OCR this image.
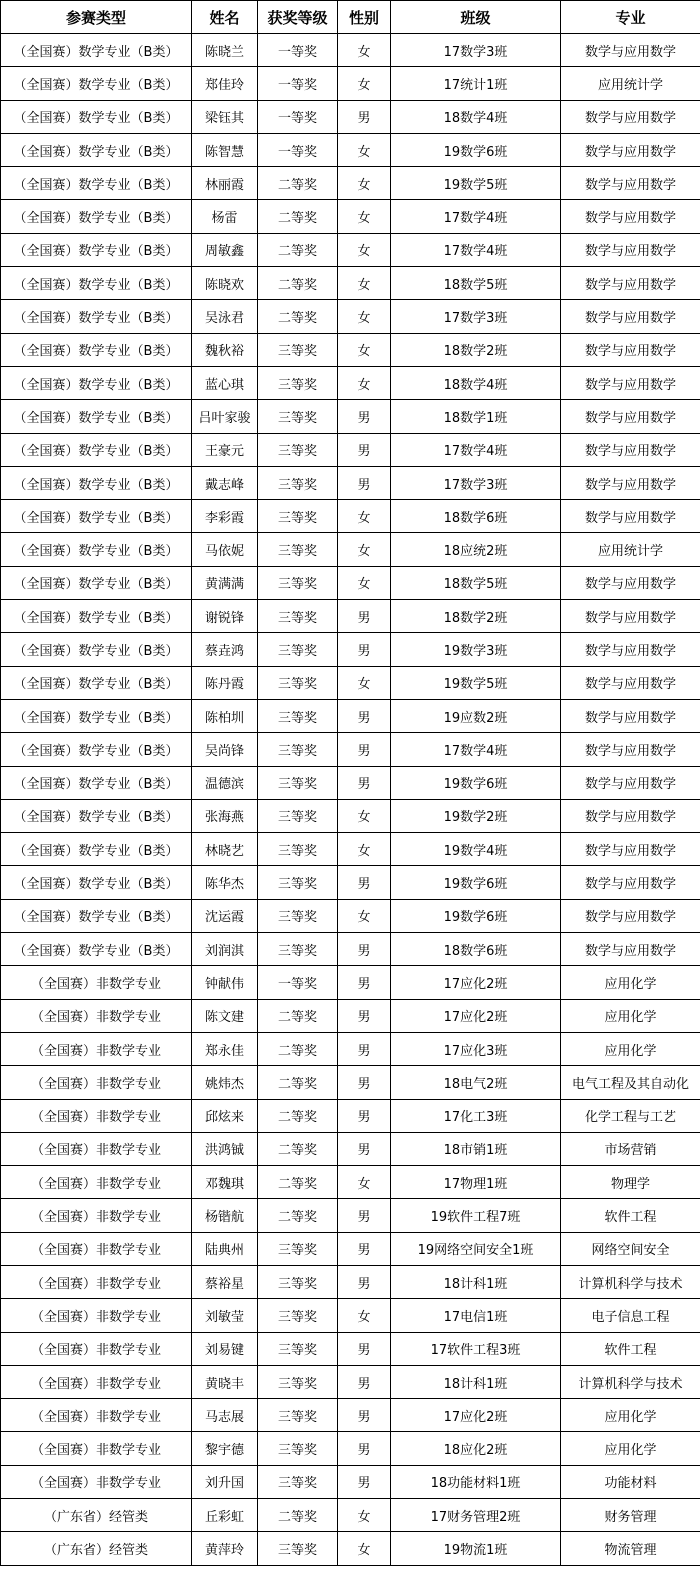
参赛类型	姓名	获奖等级	性别	班级	专业
（全国赛）数学专业（B类）	陈晓兰	一等奖	女	17数学3班	数学与应用数学
（全国赛）数学专业（B类）	郑佳玲	一等奖	女	17统计1班	应用统计学
（全国赛）数学专业（B类）	梁钰其	一等奖	男	18数学4班	数学与应用数学
（全国赛）数学专业（B类）	陈智慧	一等奖	女	19数学6班	数学与应用数学
（全国赛）数学专业（B类）	林丽霞	二等奖	女	19数学5班	数学与应用数学
（全国赛）数学专业（B类）	杨雷	二等奖	女	17数学4班	数学与应用数学
（全国赛）数学专业（B类）	周敏鑫	二等奖	女	17数学4班	数学与应用数学
（全国赛）数学专业（B类）	陈晓欢	二等奖	女	18数学5班	数学与应用数学
（全国赛）数学专业（B类）	吴泳君	二等奖	女	17数学3班	数学与应用数学
（全国赛）数学专业（B类）	魏秋裕	三等奖	女	18数学2班	数学与应用数学
（全国赛）数学专业（B类）	蓝心琪	三等奖	女	18数学4班	数学与应用数学
（全国赛）数学专业（B类）	吕叶家骏	三等奖	男	18数学1班	数学与应用数学
（全国赛）数学专业（B类）	王豪元	三等奖	男	17数学4班	数学与应用数学
（全国赛）数学专业（B类）	戴志峰	三等奖	男	17数学3班	数学与应用数学
（全国赛）数学专业（B类）	李彩霞	三等奖	女	18数学6班	数学与应用数学
（全国赛）数学专业（B类）	马依妮	三等奖	女	18应统2班	应用统计学
（全国赛）数学专业（B类）	黄满满	三等奖	女	18数学5班	数学与应用数学
（全国赛）数学专业（B类）	谢锐锋	三等奖	男	18数学2班	数学与应用数学
（全国赛）数学专业（B类）	蔡垚鸿	三等奖	男	19数学3班	数学与应用数学
（全国赛）数学专业（B类）	陈丹霞	三等奖	女	19数学5班	数学与应用数学
（全国赛）数学专业（B类）	陈柏圳	三等奖	男	19应数2班	数学与应用数学
（全国赛）数学专业（B类）	吴尚锋	三等奖	男	17数学4班	数学与应用数学
（全国赛）数学专业（B类）	温德滨	三等奖	男	19数学6班	数学与应用数学
（全国赛）数学专业（B类）	张海燕	三等奖	女	19数学2班	数学与应用数学
（全国赛）数学专业（B类）	林晓艺	三等奖	女	19数学4班	数学与应用数学
（全国赛）数学专业（B类）	陈华杰	三等奖	男	19数学6班	数学与应用数学
（全国赛）数学专业（B类）	沈运霞	三等奖	女	19数学6班	数学与应用数学
（全国赛）数学专业（B类）	刘润淇	三等奖	男	18数学6班	数学与应用数学
（全国赛）非数学专业	钟献伟	一等奖	男	17应化2班	应用化学
（全国赛）非数学专业	陈文建	二等奖	男	17应化2班	应用化学
（全国赛）非数学专业	郑永佳	二等奖	男	17应化3班	应用化学
（全国赛）非数学专业	姚炜杰	二等奖	男	18电气2班	电气工程及其自动化
（全国赛）非数学专业	邱炫来	二等奖	男	17化工3班	化学工程与工艺
（全国赛）非数学专业	洪鸿铖	二等奖	男	18市销1班	市场营销
（全国赛）非数学专业	邓魏琪	二等奖	女	17物理1班	物理学
（全国赛）非数学专业	杨锴航	二等奖	男	19软件工程7班	软件工程
（全国赛）非数学专业	陆典州	三等奖	男	19网络空间安全1班	网络空间安全
（全国赛）非数学专业	蔡裕星	三等奖	男	18计科1班	计算机科学与技术
（全国赛）非数学专业	刘敏莹	三等奖	女	17电信1班	电子信息工程
（全国赛）非数学专业	刘易键	三等奖	男	17软件工程3班	软件工程
（全国赛）非数学专业	黄晓丰	三等奖	男	18计科1班	计算机科学与技术
（全国赛）非数学专业	马志展	三等奖	男	17应化2班	应用化学
（全国赛）非数学专业	黎宇德	三等奖	男	18应化2班	应用化学
（全国赛）非数学专业	刘升国	三等奖	男	18功能材料1班	功能材料
（广东省）经管类	丘彩虹	二等奖	女	17财务管理2班	财务管理
（广东省）经管类	黄萍玲	三等奖	女	19物流1班	物流管理
